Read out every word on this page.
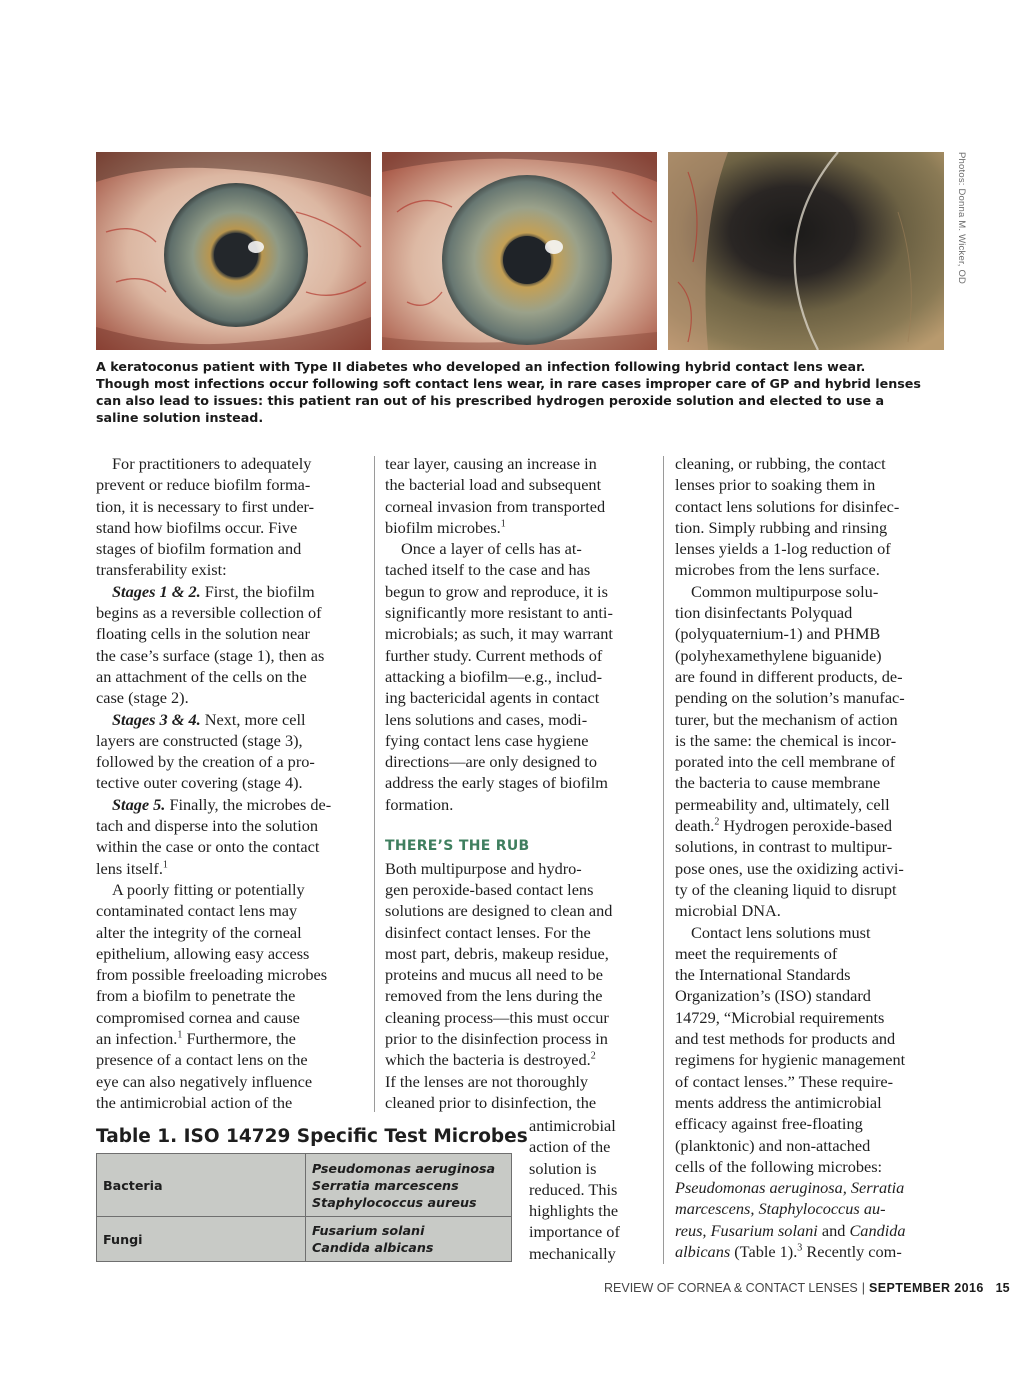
Photos: Donna M. Wicker, OD
A keratoconus patient with Type II diabetes who developed an infection following hybrid contact lens wear.
Though most infections occur following soft contact lens wear, in rare cases improper care of GP and hybrid lenses
can also lead to issues: this patient ran out of his prescribed hydrogen peroxide solution and elected to use a
saline solution instead.
For practitioners to adequately
prevent or reduce biofilm forma-
tion, it is necessary to first under-
stand how biofilms occur. Five
stages of biofilm formation and
transferability exist:
Stages 1 & 2. First, the biofilm
begins as a reversible collection of
floating cells in the solution near
the case’s surface (stage 1), then as
an attachment of the cells on the
case (stage 2).
Stages 3 & 4. Next, more cell
layers are constructed (stage 3),
followed by the creation of a pro-
tective outer covering (stage 4).
Stage 5. Finally, the microbes de-
tach and disperse into the solution
within the case or onto the contact
lens itself.$^1$
A poorly fitting or potentially
contaminated contact lens may
alter the integrity of the corneal
epithelium, allowing easy access
from possible freeloading microbes
from a biofilm to penetrate the
compromised cornea and cause
an infection.$^1$ Furthermore, the
presence of a contact lens on the
eye can also negatively influence
the antimicrobial action of the
tear layer, causing an increase in
the bacterial load and subsequent
corneal invasion from transported
biofilm microbes.$^1$
Once a layer of cells has at-
tached itself to the case and has
begun to grow and reproduce, it is
significantly more resistant to anti-
microbials; as such, it may warrant
further study. Current methods of
attacking a biofilm—e.g., includ-
ing bactericidal agents in contact
lens solutions and cases, modi-
fying contact lens case hygiene
directions—are only designed to
address the early stages of biofilm
formation.
THERE’S THE RUB
Both multipurpose and hydro-
gen peroxide-based contact lens
solutions are designed to clean and
disinfect contact lenses. For the
most part, debris, makeup residue,
proteins and mucus all need to be
removed from the lens during the
cleaning process—this must occur
prior to the disinfection process in
which the bacteria is destroyed.$^2$
If the lenses are not thoroughly
cleaned prior to disinfection, the
antimicrobial
action of the
solution is
reduced. This
highlights the
importance of
mechanically
cleaning, or rubbing, the contact
lenses prior to soaking them in
contact lens solutions for disinfec-
tion. Simply rubbing and rinsing
lenses yields a 1-log reduction of
microbes from the lens surface.
Common multipurpose solu-
tion disinfectants Polyquad
(polyquaternium-1) and PHMB
(polyhexamethylene biguanide)
are found in different products, de-
pending on the solution’s manufac-
turer, but the mechanism of action
is the same: the chemical is incor-
porated into the cell membrane of
the bacteria to cause membrane
permeability and, ultimately, cell
death.$^2$ Hydrogen peroxide-based
solutions, in contrast to multipur-
pose ones, use the oxidizing activi-
ty of the cleaning liquid to disrupt
microbial DNA.
Contact lens solutions must
meet the requirements of
the International Standards
Organization’s (ISO) standard
14729, “Microbial requirements
and test methods for products and
regimens for hygienic management
of contact lenses.” These require-
ments address the antimicrobial
efficacy against free-floating
(planktonic) and non-attached
cells of the following microbes:
Pseudomonas aeruginosa, Serratia
marcescens, Staphylococcus au-
reus, Fusarium solani and Candida
albicans (Table 1).$^3$ Recently com-
Table 1. ISO 14729 Specific Test Microbes
Bacteria	Pseudomonas aeruginosa
Serratia marcescens
Staphylococcus aureus

Fungi	Fusarium solani
Candida albicans
REVIEW OF CORNEA & CONTACT LENSES | SEPTEMBER 2016 15
